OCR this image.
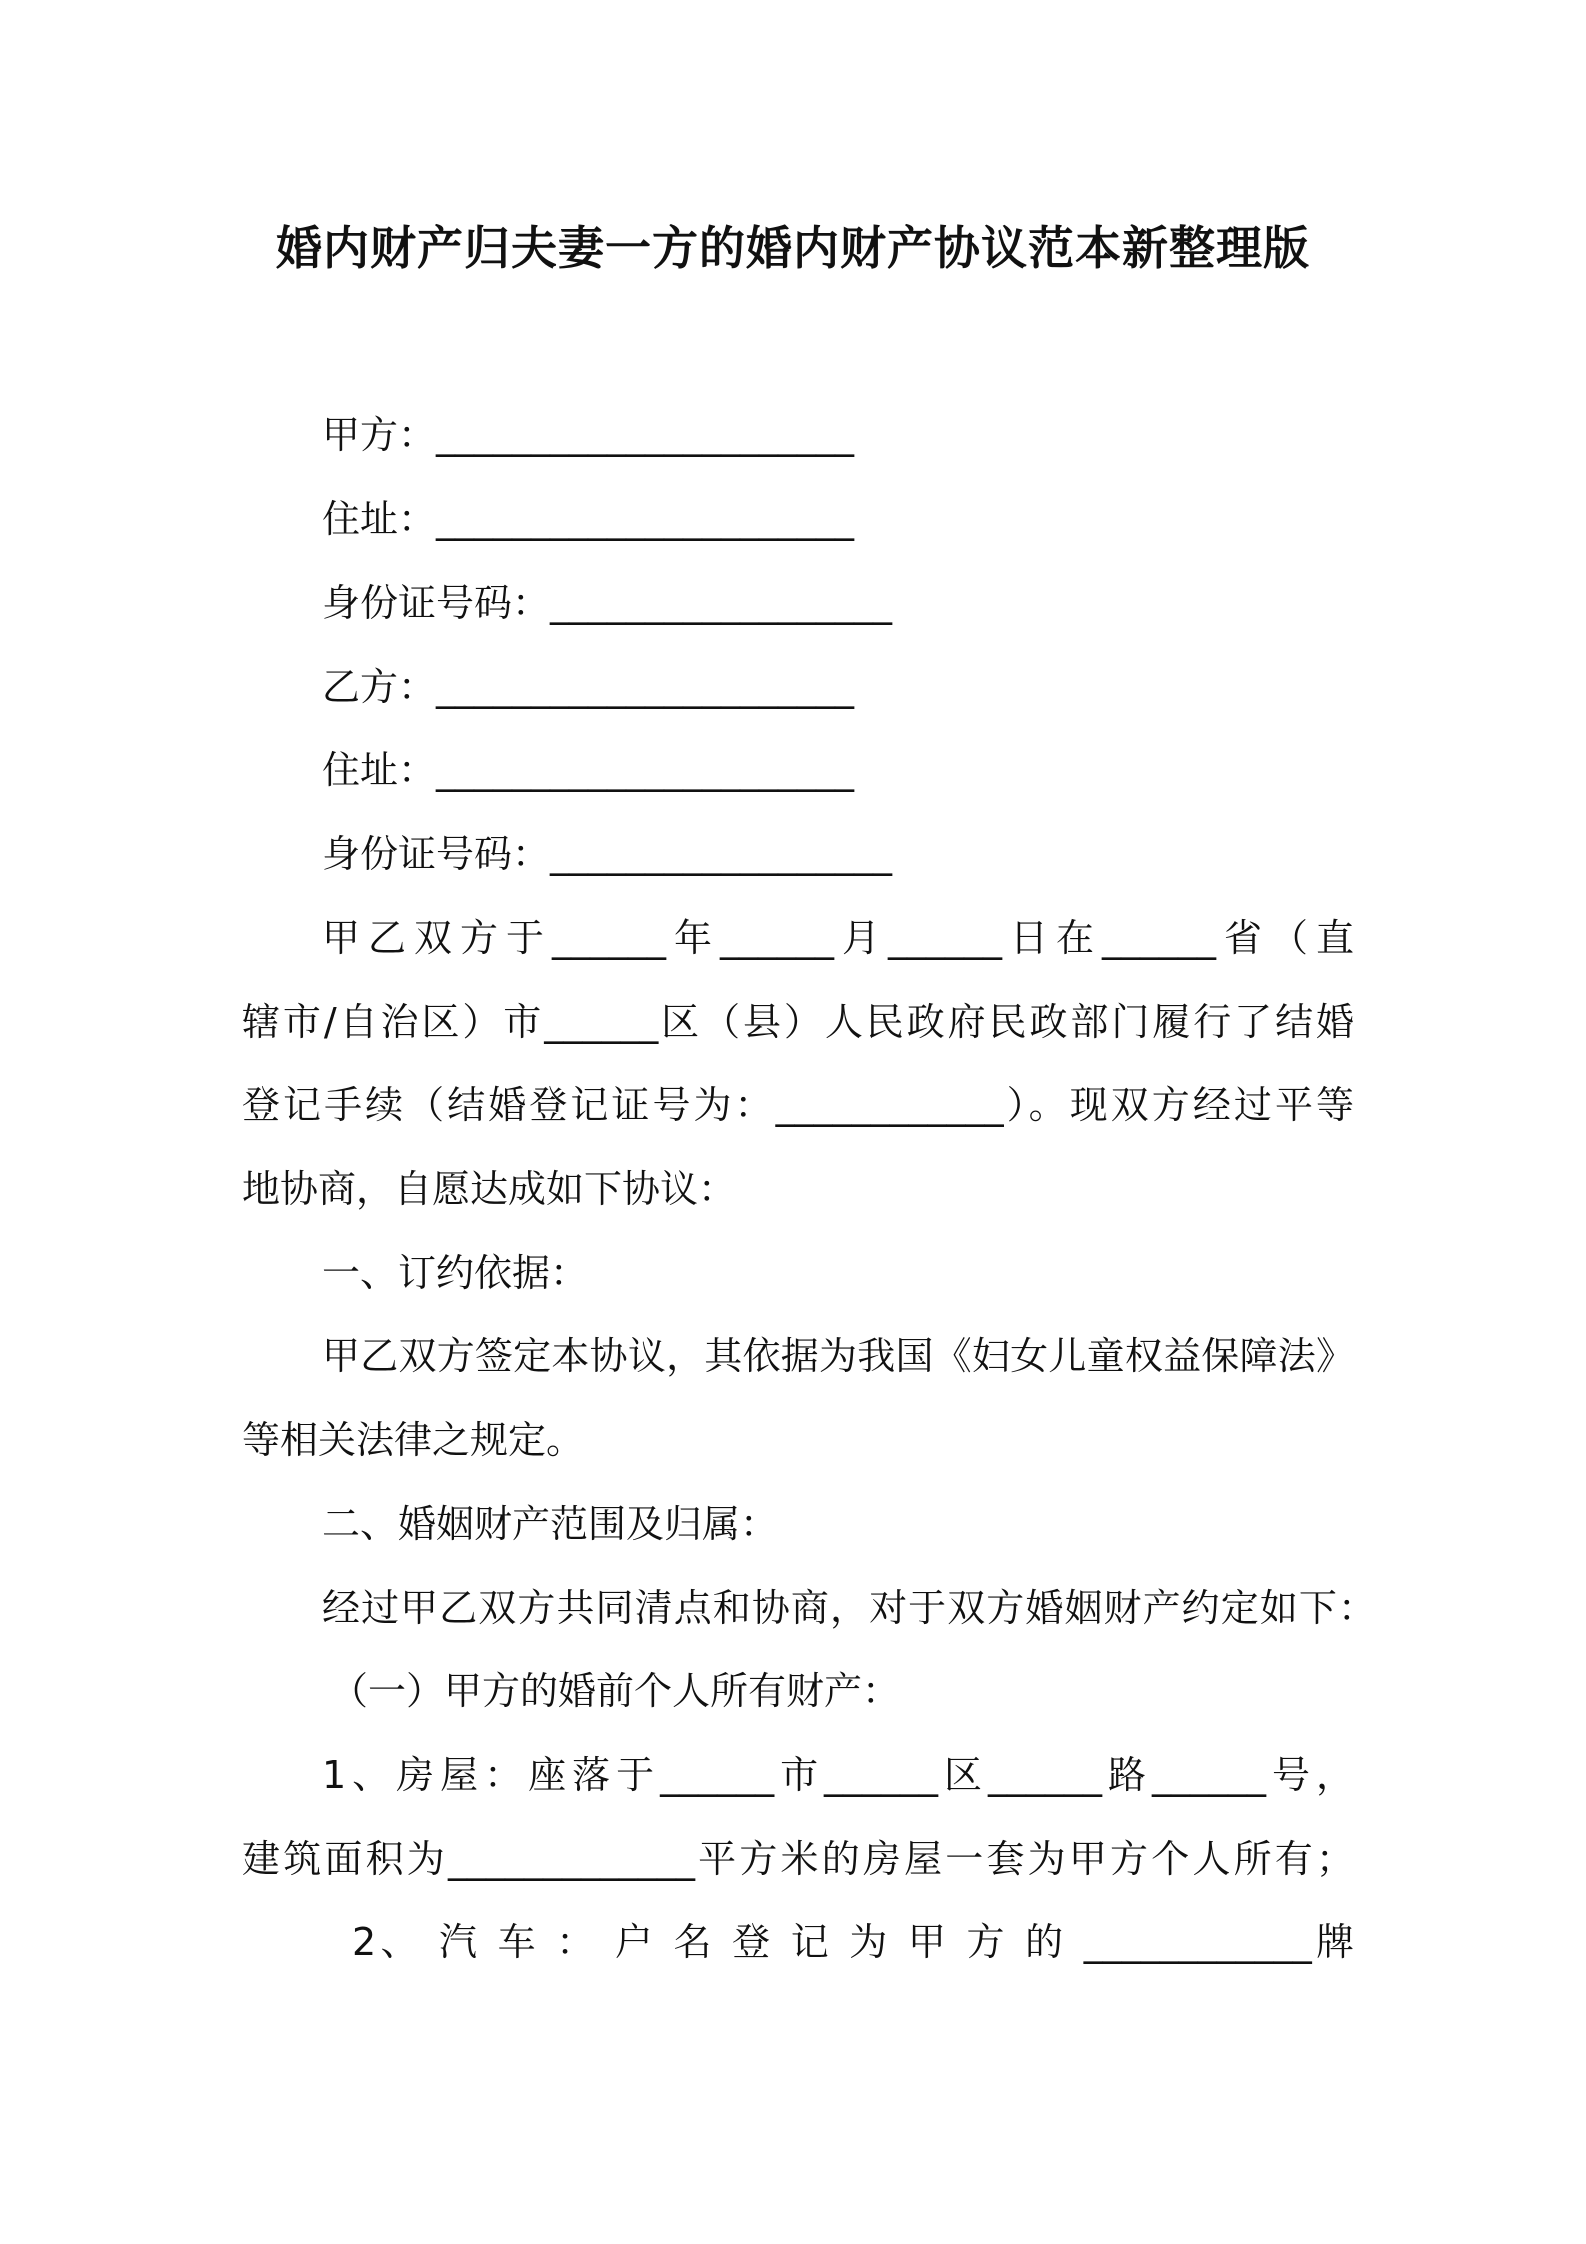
婚内财产归夫妻一方的婚内财产协议范本新整理版
甲方：______________________
住址：______________________
身份证号码：__________________
乙方：______________________
住址：______________________
身份证号码：__________________
甲乙双方于______年______月______日在______省（直
辖市/自治区）市______区（县）人民政府民政部门履行了结婚
登记手续（结婚登记证号为：____________）。现双方经过平等
地协商，自愿达成如下协议：
一、订约依据：
甲乙双方签定本协议，其依据为我国《妇女儿童权益保障法》
等相关法律之规定。
二、婚姻财产范围及归属：
经过甲乙双方共同清点和协商，对于双方婚姻财产约定如下：
（一）甲方的婚前个人所有财产：
1、房屋：座落于______市______区______路______号，
建筑面积为_____________平方米的房屋一套为甲方个人所有；
2、 汽 车 ： 户 名 登 记 为 甲 方 的 ____________牌
